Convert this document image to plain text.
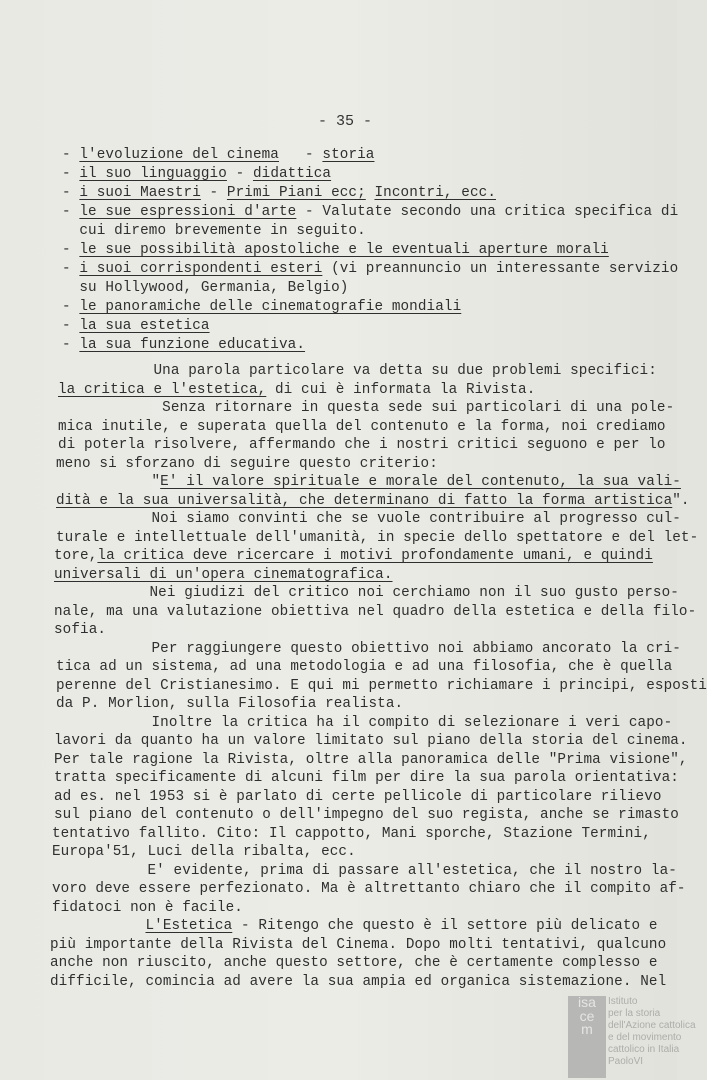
- 35 -
- l'evoluzione del cinema   - storia
- il suo linguaggio - didattica
- i suoi Maestri - Primi Piani ecc; Incontri, ecc.
- le sue espressioni d'arte - Valutate secondo una critica specifica di
cui diremo brevemente in seguito.
- le sue possibilità apostoliche e le eventuali aperture morali
- i suoi corrispondenti esteri (vi preannuncio un interessante servizio
su Hollywood, Germania, Belgio)
- le panoramiche delle cinematografie mondiali
- la sua estetica
- la sua funzione educativa.
Una parola particolare va detta su due problemi specifici:
la critica e l'estetica, di cui è informata la Rivista.
Senza ritornare in questa sede sui particolari di una pole-
mica inutile, e superata quella del contenuto e la forma, noi crediamo
di poterla risolvere, affermando che i nostri critici seguono e per lo
meno si sforzano di seguire questo criterio:
"E' il valore spirituale e morale del contenuto, la sua vali-
dità e la sua universalità, che determinano di fatto la forma artistica".
Noi siamo convinti che se vuole contribuire al progresso cul-
turale e intellettuale dell'umanità, in specie dello spettatore e del let-
tore,la critica deve ricercare i motivi profondamente umani, e quindi
universali di un'opera cinematografica.
Nei giudizi del critico noi cerchiamo non il suo gusto perso-
nale, ma una valutazione obiettiva nel quadro della estetica e della filo-
sofia.
Per raggiungere questo obiettivo noi abbiamo ancorato la cri-
tica ad un sistema, ad una metodologia e ad una filosofia, che è quella
perenne del Cristianesimo. E qui mi permetto richiamare i principi, esposti
da P. Morlion, sulla Filosofia realista.
Inoltre la critica ha il compito di selezionare i veri capo-
lavori da quanto ha un valore limitato sul piano della storia del cinema.
Per tale ragione la Rivista, oltre alla panoramica delle "Prima visione",
tratta specificamente di alcuni film per dire la sua parola orientativa:
ad es. nel 1953 si è parlato di certe pellicole di particolare rilievo
sul piano del contenuto o dell'impegno del suo regista, anche se rimasto
tentativo fallito. Cito: Il cappotto, Mani sporche, Stazione Termini,
Europa'51, Luci della ribalta, ecc.
E' evidente, prima di passare all'estetica, che il nostro la-
voro deve essere perfezionato. Ma è altrettanto chiaro che il compito af-
fidatoci non è facile.
L'Estetica - Ritengo che questo è il settore più delicato e
più importante della Rivista del Cinema. Dopo molti tentativi, qualcuno
anche non riuscito, anche questo settore, che è certamente complesso e
difficile, comincia ad avere la sua ampia ed organica sistemazione. Nel
isacem
Istituto
per la storia
dell'Azione cattolica
e del movimento
cattolico in Italia
PaoloVI
